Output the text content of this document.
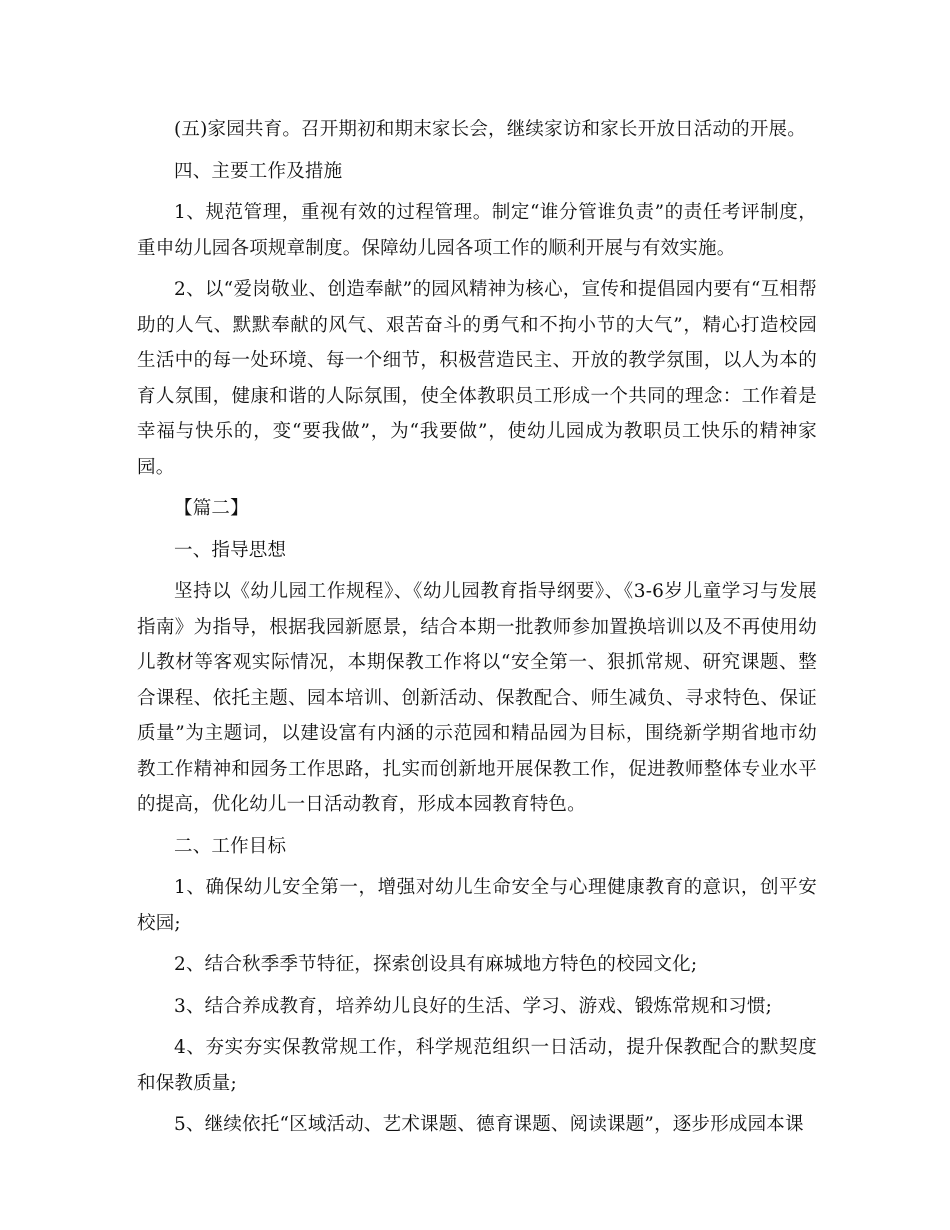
(五)家园共育。召开期初和期末家长会，继续家访和家长开放日活动的开展。

四、主要工作及措施

1、规范管理，重视有效的过程管理。制定“谁分管谁负责”的责任考评制度，重申幼儿园各项规章制度。保障幼儿园各项工作的顺利开展与有效实施。

2、以“爱岗敬业、创造奉献”的园风精神为核心，宣传和提倡园内要有“互相帮助的人气、默默奉献的风气、艰苦奋斗的勇气和不拘小节的大气”，精心打造校园生活中的每一处环境、每一个细节，积极营造民主、开放的教学氛围，以人为本的育人氛围，健康和谐的人际氛围，使全体教职员工形成一个共同的理念：工作着是幸福与快乐的，变“要我做”，为“我要做”，使幼儿园成为教职员工快乐的精神家园。

【篇二】

一、指导思想

坚持以《幼儿园工作规程》、《幼儿园教育指导纲要》、《3-6岁儿童学习与发展指南》为指导，根据我园新愿景，结合本期一批教师参加置换培训以及不再使用幼儿教材等客观实际情况，本期保教工作将以“安全第一、狠抓常规、研究课题、整合课程、依托主题、园本培训、创新活动、保教配合、师生减负、寻求特色、保证质量”为主题词，以建设富有内涵的示范园和精品园为目标，围绕新学期省地市幼教工作精神和园务工作思路，扎实而创新地开展保教工作，促进教师整体专业水平的提高，优化幼儿一日活动教育，形成本园教育特色。

二、工作目标

1、确保幼儿安全第一，增强对幼儿生命安全与心理健康教育的意识，创平安校园;

2、结合秋季季节特征，探索创设具有麻城地方特色的校园文化;

3、结合养成教育，培养幼儿良好的生活、学习、游戏、锻炼常规和习惯;

4、夯实夯实保教常规工作，科学规范组织一日活动，提升保教配合的默契度和保教质量;

5、继续依托“区域活动、艺术课题、德育课题、阅读课题”，逐步形成园本课
